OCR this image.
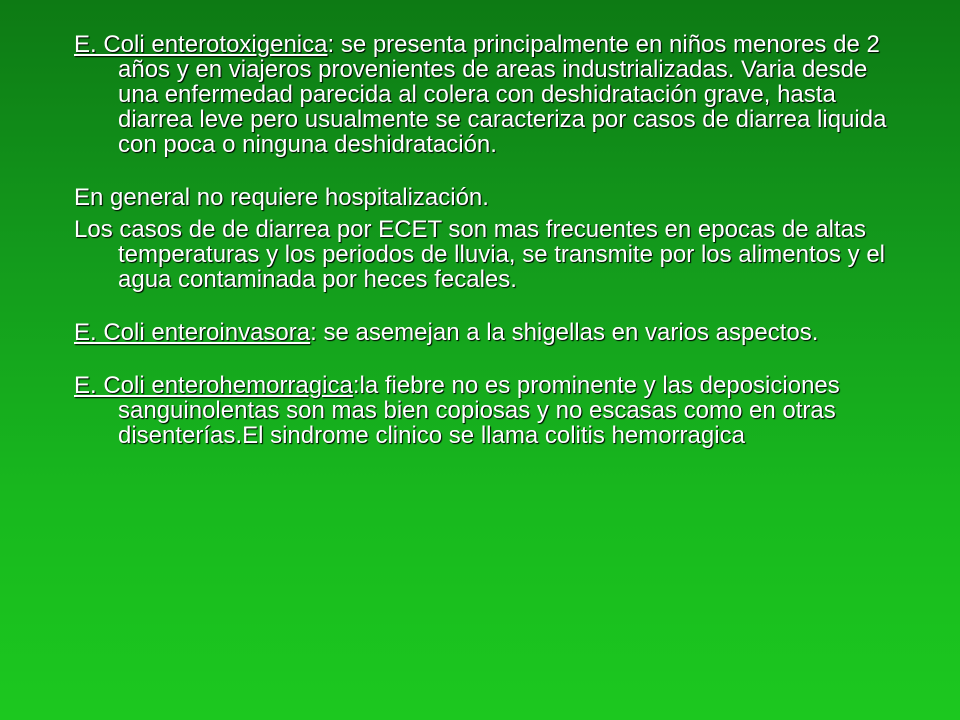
E. Coli enterotoxigenica: se presenta principalmente en niños menores de 2 años y en viajeros provenientes de areas industrializadas. Varia desde una enfermedad parecida al colera con deshidratación grave, hasta diarrea leve pero usualmente se caracteriza por casos de diarrea liquida con poca o ninguna deshidratación.

En general no requiere hospitalización.

Los casos de de diarrea por ECET son mas frecuentes en epocas de altas temperaturas y los periodos de lluvia, se transmite por los alimentos y el agua contaminada por heces fecales.

E. Coli enteroinvasora: se asemejan a la shigellas en varios aspectos.

E. Coli enterohemorragica:la fiebre no es prominente y las deposiciones sanguinolentas son mas bien copiosas y no escasas como en otras disenterías.El sindrome clinico se llama colitis hemorragica
